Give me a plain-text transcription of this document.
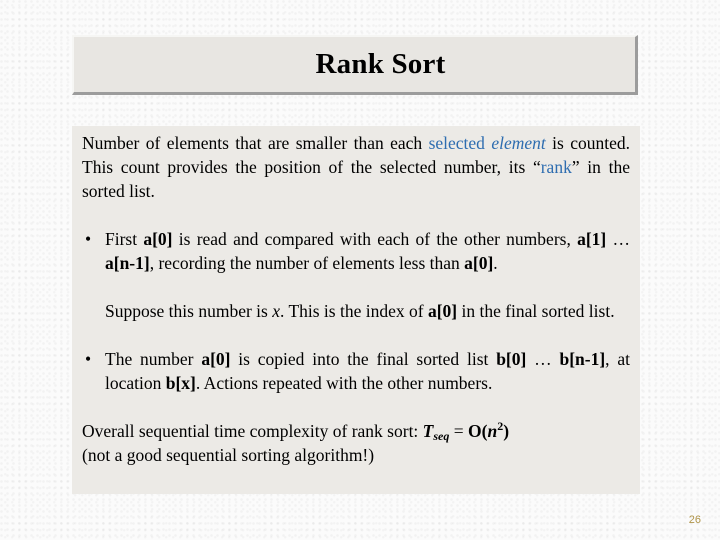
Rank Sort

Number of elements that are smaller than each selected element is counted. This count provides the position of the selected number, its “rank” in the sorted list.

• First a[0] is read and compared with each of the other numbers, a[1] … a[n-1], recording the number of elements less than a[0].

Suppose this number is x. This is the index of a[0] in the final sorted list.

• The number a[0] is copied into the final sorted list b[0] … b[n-1], at location b[x]. Actions repeated with the other numbers.

Overall sequential time complexity of rank sort: $T_{seq} = O(n^2)$
(not a good sequential sorting algorithm!)

26
